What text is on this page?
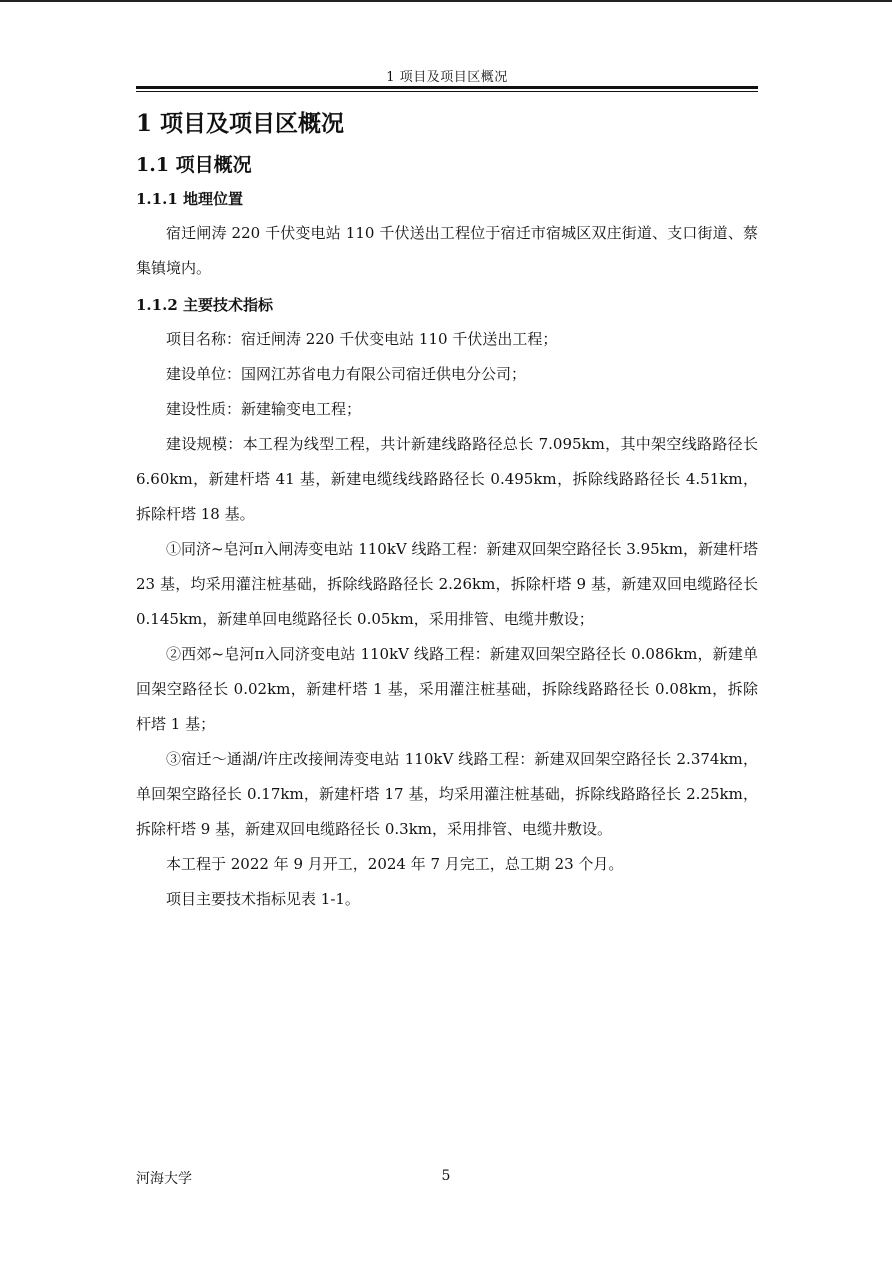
1 项目及项目区概况
1 项目及项目区概况
1.1 项目概况
1.1.1 地理位置

宿迁闸涛 220 千伏变电站 110 千伏送出工程位于宿迁市宿城区双庄街道、支口街道、蔡集镇境内。

1.1.2 主要技术指标

项目名称：宿迁闸涛 220 千伏变电站 110 千伏送出工程；

建设单位：国网江苏省电力有限公司宿迁供电分公司；

建设性质：新建输变电工程；

建设规模：本工程为线型工程，共计新建线路路径总长 7.095km，其中架空线路路径长 6.60km，新建杆塔 41 基，新建电缆线线路路径长 0.495km，拆除线路路径长 4.51km，拆除杆塔 18 基。

①同济~皂河π入闸涛变电站 110kV 线路工程：新建双回架空路径长 3.95km，新建杆塔 23 基，均采用灌注桩基础，拆除线路路径长 2.26km，拆除杆塔 9 基，新建双回电缆路径长 0.145km，新建单回电缆路径长 0.05km，采用排管、电缆井敷设；

②西郊~皂河π入同济变电站 110kV 线路工程：新建双回架空路径长 0.086km，新建单回架空路径长 0.02km，新建杆塔 1 基，采用灌注桩基础，拆除线路路径长 0.08km，拆除杆塔 1 基；

③宿迁～通湖/许庄改接闸涛变电站 110kV 线路工程：新建双回架空路径长 2.374km，单回架空路径长 0.17km，新建杆塔 17 基，均采用灌注桩基础，拆除线路路径长 2.25km，拆除杆塔 9 基，新建双回电缆路径长 0.3km，采用排管、电缆井敷设。

本工程于 2022 年 9 月开工，2024 年 7 月完工，总工期 23 个月。

项目主要技术指标见表 1-1。

河海大学	5
